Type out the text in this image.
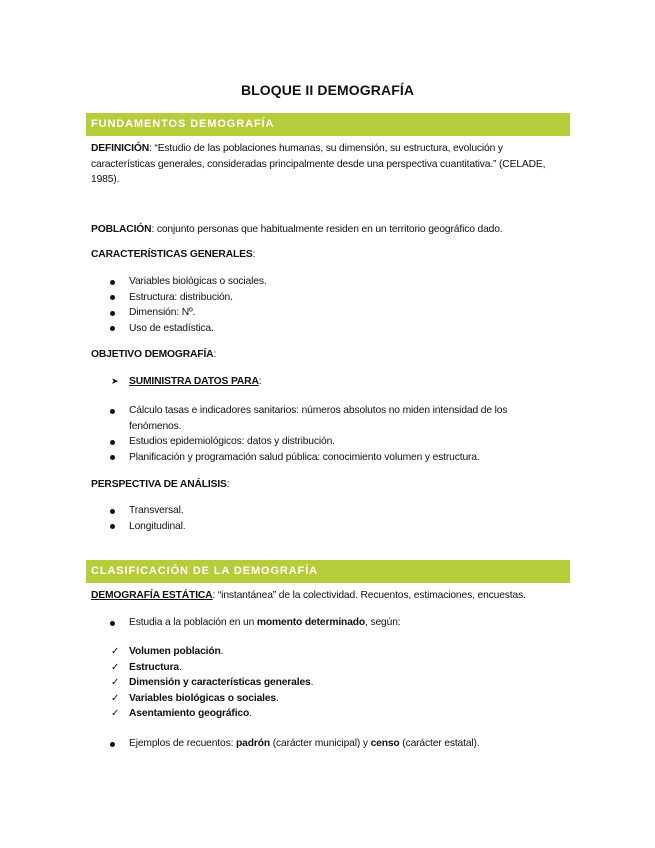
BLOQUE II DEMOGRAFÍA
FUNDAMENTOS DEMOGRAFÍA
DEFINICIÓN: “Estudio de las poblaciones humanas, su dimensión, su estructura, evolución y características generales, consideradas principalmente desde una perspectiva cuantitativa.” (CELADE, 1985).
POBLACIÓN: conjunto personas que habitualmente residen en un territorio geográfico dado.
CARACTERÍSTICAS GENERALES:
Variables biológicas o sociales.
Estructura: distribución.
Dimensión: Nº.
Uso de estadística.
OBJETIVO DEMOGRAFÍA:
➤ SUMINISTRA DATOS PARA:
Cálculo tasas e indicadores sanitarios: números absolutos no miden intensidad de los fenómenos.
Estudios epidemiológicos: datos y distribución.
Planificación y programación salud pública: conocimiento volumen y estructura.
PERSPECTIVA DE ANÁLISIS:
Transversal.
Longitudinal.
CLASIFICACIÓN DE LA DEMOGRAFÍA
DEMOGRAFÍA ESTÁTICA: “instantánea” de la colectividad. Recuentos, estimaciones, encuestas.
Estudia a la población en un momento determinado, según:
✓ Volumen población.
✓ Estructura.
✓ Dimensión y características generales.
✓ Variables biológicas o sociales.
✓ Asentamiento geográfico.
Ejemplos de recuentos: padrón (carácter municipal) y censo (carácter estatal).
